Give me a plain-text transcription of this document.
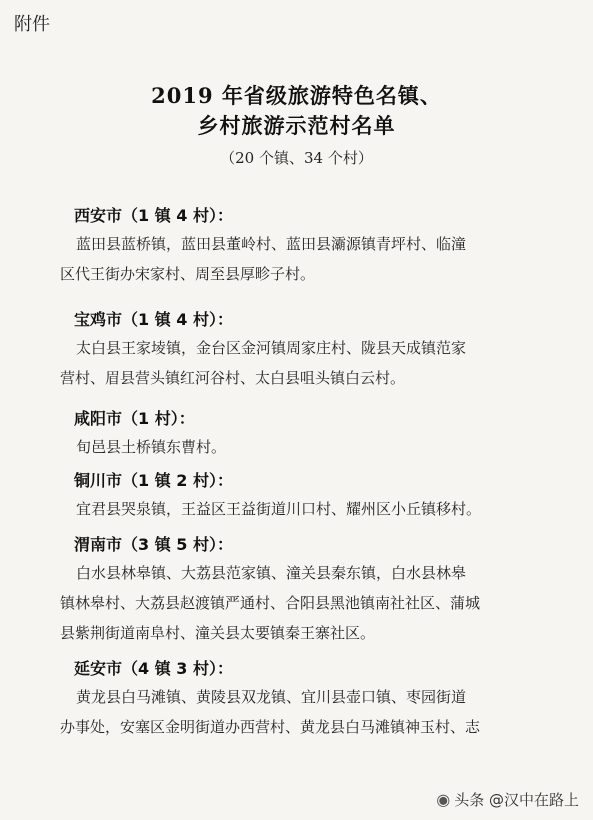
附件
2019 年省级旅游特色名镇、
乡村旅游示范村名单
（20 个镇、34 个村）
西安市（1 镇 4 村）：
蓝田县蓝桥镇，蓝田县董岭村、蓝田县灞源镇青坪村、临潼
区代王街办宋家村、周至县厚畛子村。
宝鸡市（1 镇 4 村）：
太白县王家堎镇，金台区金河镇周家庄村、陇县天成镇范家
营村、眉县营头镇红河谷村、太白县咀头镇白云村。
咸阳市（1 村）：
旬邑县土桥镇东曹村。
铜川市（1 镇 2 村）：
宜君县哭泉镇，王益区王益街道川口村、耀州区小丘镇移村。
渭南市（3 镇 5 村）：
白水县林皋镇、大荔县范家镇、潼关县秦东镇，白水县林皋
镇林皋村、大荔县赵渡镇严通村、合阳县黑池镇南社社区、蒲城
县紫荆街道南阜村、潼关县太要镇秦王寨社区。
延安市（4 镇 3 村）：
黄龙县白马滩镇、黄陵县双龙镇、宜川县壶口镇、枣园街道
办事处，安塞区金明街道办西营村、黄龙县白马滩镇神玉村、志
◉ 头条 @汉中在路上
